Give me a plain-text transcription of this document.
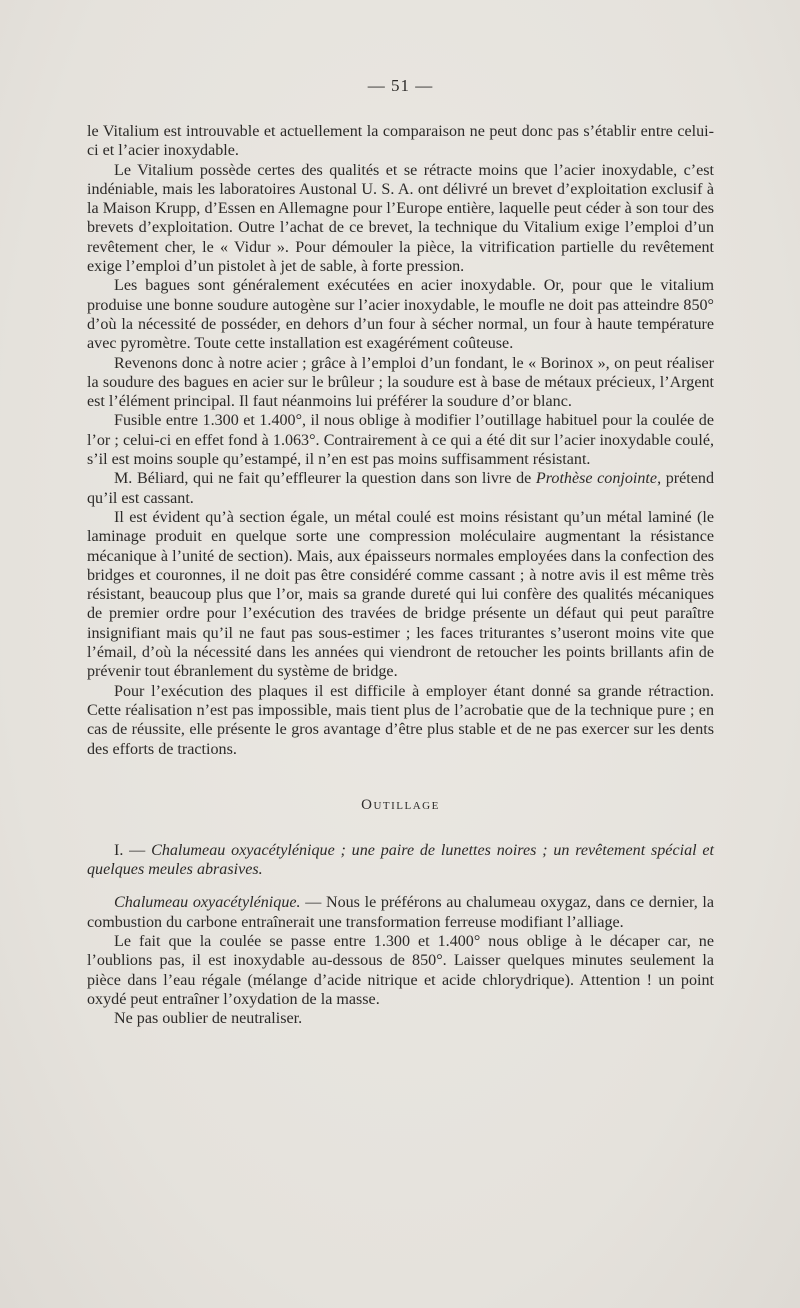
— 51 —

le Vitalium est introuvable et actuellement la comparaison ne peut donc pas s’établir entre celui-ci et l’acier inoxydable.

Le Vitalium possède certes des qualités et se rétracte moins que l’acier inoxydable, c’est indéniable, mais les laboratoires Austonal U. S. A. ont délivré un brevet d’exploitation exclusif à la Maison Krupp, d’Essen en Allemagne pour l’Europe entière, laquelle peut céder à son tour des brevets d’exploitation. Outre l’achat de ce brevet, la technique du Vitalium exige l’emploi d’un revêtement cher, le « Vidur ». Pour démouler la pièce, la vitrification partielle du revêtement exige l’emploi d’un pistolet à jet de sable, à forte pression.

Les bagues sont généralement exécutées en acier inoxydable. Or, pour que le vitalium produise une bonne soudure autogène sur l’acier inoxydable, le moufle ne doit pas atteindre 850° d’où la nécessité de posséder, en dehors d’un four à sécher normal, un four à haute température avec pyromètre. Toute cette installation est exagérément coûteuse.

Revenons donc à notre acier ; grâce à l’emploi d’un fondant, le « Borinox », on peut réaliser la soudure des bagues en acier sur le brûleur ; la soudure est à base de métaux précieux, l’Argent est l’élément principal. Il faut néanmoins lui préférer la soudure d’or blanc.

Fusible entre 1.300 et 1.400°, il nous oblige à modifier l’outillage habituel pour la coulée de l’or ; celui-ci en effet fond à 1.063°. Contrairement à ce qui a été dit sur l’acier inoxydable coulé, s’il est moins souple qu’estampé, il n’en est pas moins suffisamment résistant.

M. Béliard, qui ne fait qu’effleurer la question dans son livre de Prothèse conjointe, prétend qu’il est cassant.

Il est évident qu’à section égale, un métal coulé est moins résistant qu’un métal laminé (le laminage produit en quelque sorte une compression moléculaire augmentant la résistance mécanique à l’unité de section). Mais, aux épaisseurs normales employées dans la confection des bridges et couronnes, il ne doit pas être considéré comme cassant ; à notre avis il est même très résistant, beaucoup plus que l’or, mais sa grande dureté qui lui confère des qualités mécaniques de premier ordre pour l’exécution des travées de bridge présente un défaut qui peut paraître insignifiant mais qu’il ne faut pas sous-estimer ; les faces triturantes s’useront moins vite que l’émail, d’où la nécessité dans les années qui viendront de retoucher les points brillants afin de prévenir tout ébranlement du système de bridge.

Pour l’exécution des plaques il est difficile à employer étant donné sa grande rétraction. Cette réalisation n’est pas impossible, mais tient plus de l’acrobatie que de la technique pure ; en cas de réussite, elle présente le gros avantage d’être plus stable et de ne pas exercer sur les dents des efforts de tractions.

Outillage

I. — Chalumeau oxyacétylénique ; une paire de lunettes noires ; un revêtement spécial et quelques meules abrasives.

Chalumeau oxyacétylénique. — Nous le préférons au chalumeau oxygaz, dans ce dernier, la combustion du carbone entraînerait une transformation ferreuse modifiant l’alliage.

Le fait que la coulée se passe entre 1.300 et 1.400° nous oblige à le décaper car, ne l’oublions pas, il est inoxydable au-dessous de 850°. Laisser quelques minutes seulement la pièce dans l’eau régale (mélange d’acide nitrique et acide chlorydrique). Attention ! un point oxydé peut entraîner l’oxydation de la masse.

Ne pas oublier de neutraliser.
